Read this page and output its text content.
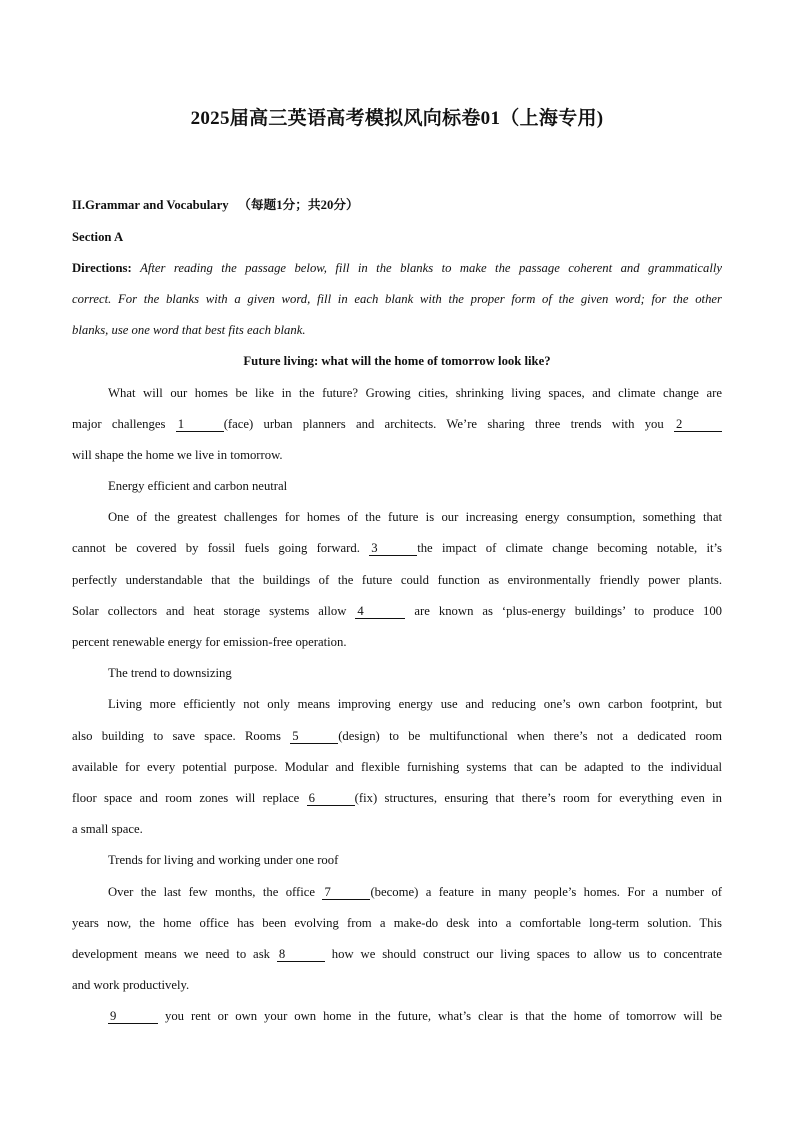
2025届高三英语高考模拟风向标卷01（上海专用)
II.Grammar and Vocabulary （每题1分；共20分）
Section A
Directions: After reading the passage below, fill in the blanks to make the passage coherent and grammatically
correct. For the blanks with a given word, fill in each blank with the proper form of the given word; for the other
blanks, use one word that best fits each blank.
Future living: what will the home of tomorrow look like?
What will our homes be like in the future? Growing cities, shrinking living spaces, and climate change are
major challenges 1	(face) urban planners and architects. We’re sharing three trends with you 2
will shape the home we live in tomorrow.
Energy efficient and carbon neutral
One of the greatest challenges for homes of the future is our increasing energy consumption, something that
cannot be covered by fossil fuels going forward. 3	the impact of climate change becoming notable, it’s
perfectly understandable that the buildings of the future could function as environmentally friendly power plants.
Solar collectors and heat storage systems allow 4	are known as ‘plus-energy buildings’ to produce 100
percent renewable energy for emission-free operation.
The trend to downsizing
Living more efficiently not only means improving energy use and reducing one’s own carbon footprint, but
also building to save space. Rooms 5	(design) to be multifunctional when there’s not a dedicated room
available for every potential purpose. Modular and flexible furnishing systems that can be adapted to the individual
floor space and room zones will replace 6	(fix) structures, ensuring that there’s room for everything even in
a small space.
Trends for living and working under one roof
Over the last few months, the office 7	(become) a feature in many people’s homes. For a number of
years now, the home office has been evolving from a make-do desk into a comfortable long-term solution. This
development means we need to ask 8	how we should construct our living spaces to allow us to concentrate
and work productively.
9	you rent or own your own home in the future, what’s clear is that the home of tomorrow will be
